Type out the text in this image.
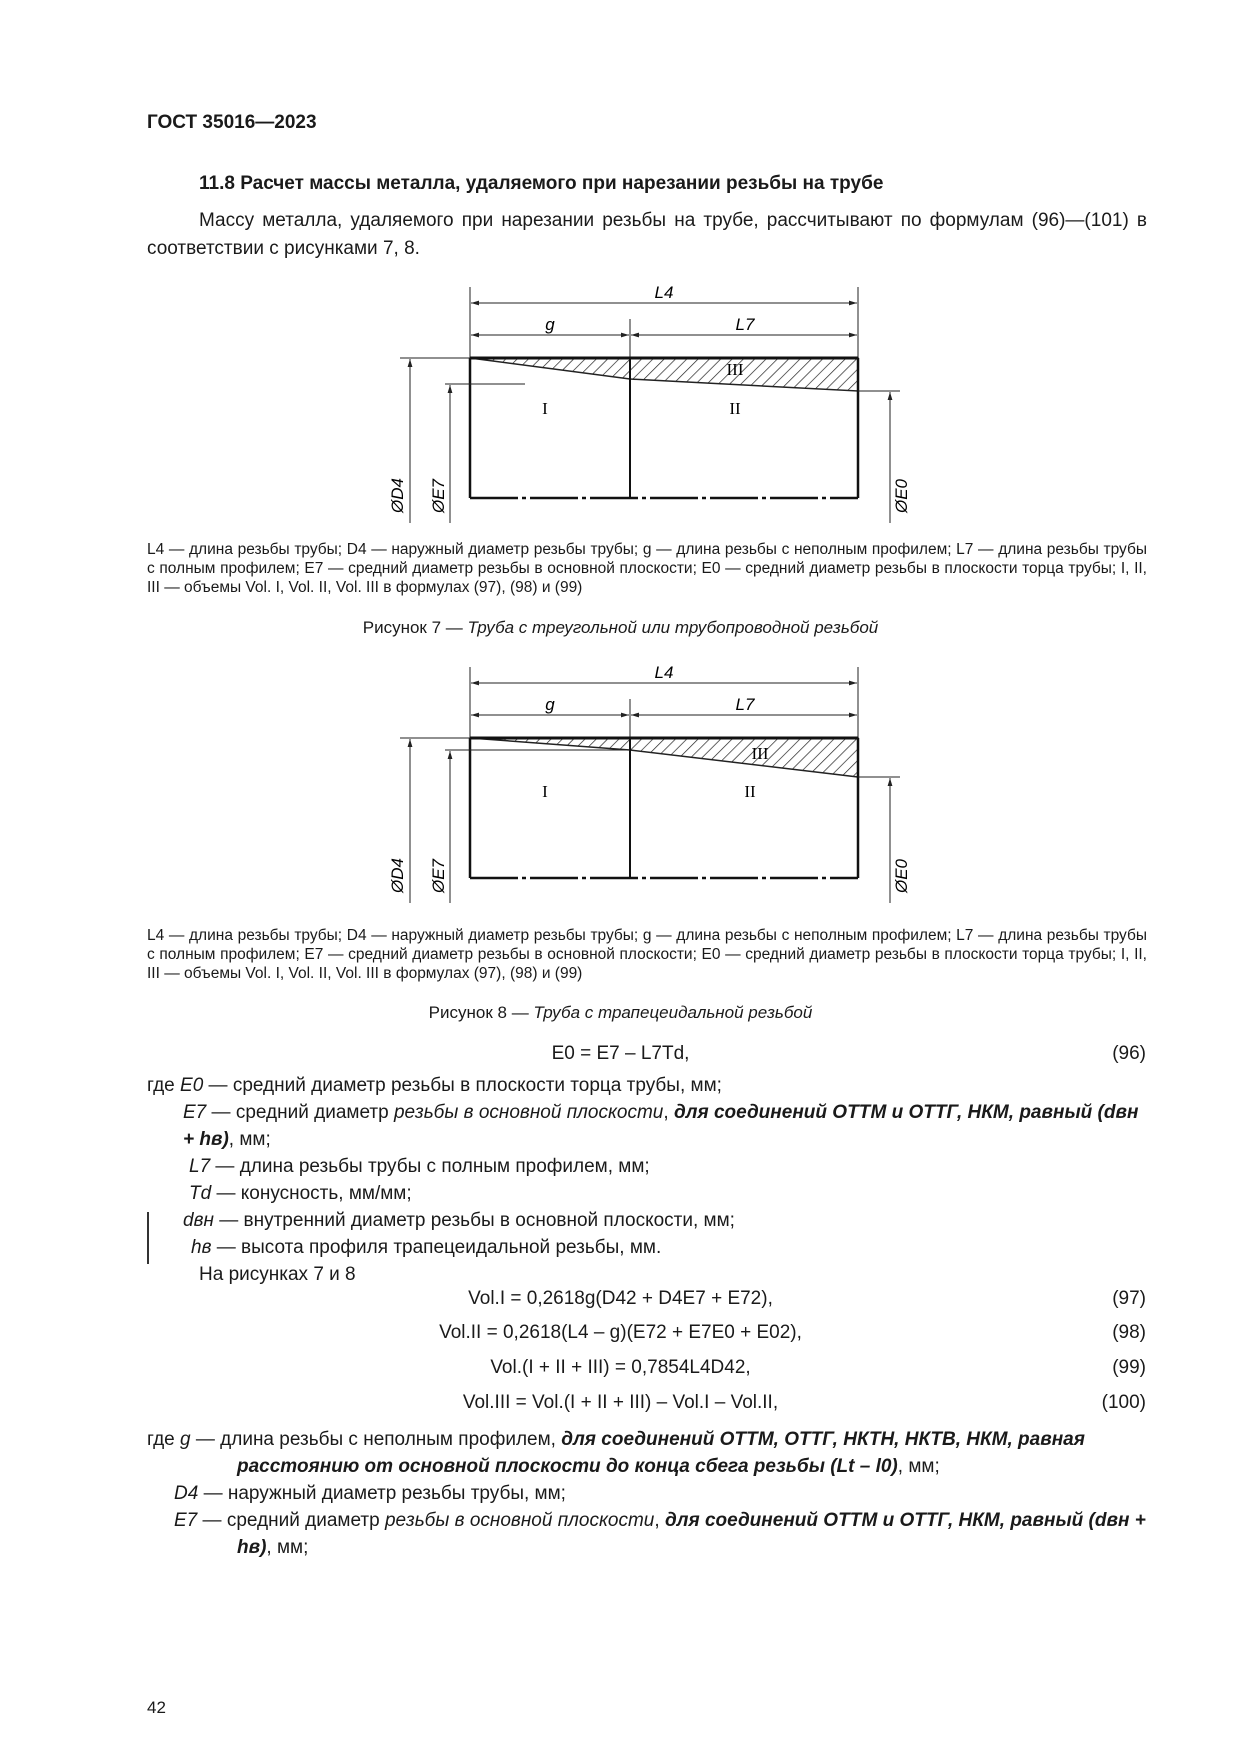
ГОСТ 35016—2023
11.8 Расчет массы металла, удаляемого при нарезании резьбы на трубе
Массу металла, удаляемого при нарезании резьбы на трубе, рассчитывают по формулам (96)—(101) в соответствии с рисунками 7, 8.
L4
g	L7
I	II
III
ØD4 ØE7	ØE0
L4 — длина резьбы трубы; D4 — наружный диаметр резьбы трубы; g — длина резьбы с неполным профилем; L7 — длина резьбы трубы с полным профилем; E7 — средний диаметр резьбы в основной плоскости; E0 — средний диаметр резьбы в плоскости торца трубы; I, II, III — объемы Vol. I, Vol. II, Vol. III в формулах (97), (98) и (99)
Рисунок 7 — Труба с треугольной или трубопроводной резьбой
L4
g	L7
I	II
III
ØD4 ØE7	ØE0
L4 — длина резьбы трубы; D4 — наружный диаметр резьбы трубы; g — длина резьбы с неполным профилем; L7 — длина резьбы трубы с полным профилем; E7 — средний диаметр резьбы в основной плоскости; E0 — средний диаметр резьбы в плоскости торца трубы; I, II, III — объемы Vol. I, Vol. II, Vol. III в формулах (97), (98) и (99)
Рисунок 8 — Труба с трапецеидальной резьбой
E0 = E7 – L7Td,	(96)
где E0 — средний диаметр резьбы в плоскости торца трубы, мм;
E7 — средний диаметр резьбы в основной плоскости, для соединений ОТТМ и ОТТГ, НКМ, равный (dвн + hв), мм;
L7 — длина резьбы трубы с полным профилем, мм;
Td — конусность, мм/мм;
dвн — внутренний диаметр резьбы в основной плоскости, мм;
hв — высота профиля трапецеидальной резьбы, мм.
На рисунках 7 и 8
Vol.I = 0,2618g(D42 + D4E7 + E72),	(97)
Vol.II = 0,2618(L4 – g)(E72 + E7E0 + E02),	(98)
Vol.(I + II + III) = 0,7854L4D42,	(99)
Vol.III = Vol.(I + II + III) – Vol.I – Vol.II,	(100)
где g — длина резьбы с неполным профилем, для соединений ОТТМ, ОТТГ, НКТН, НКТВ, НКМ, равная расстоянию от основной плоскости до конца сбега резьбы (Lt – l0), мм;
D4 — наружный диаметр резьбы трубы, мм;
E7 — средний диаметр резьбы в основной плоскости, для соединений ОТТМ и ОТТГ, НКМ, равный (dвн + hв), мм;
42
